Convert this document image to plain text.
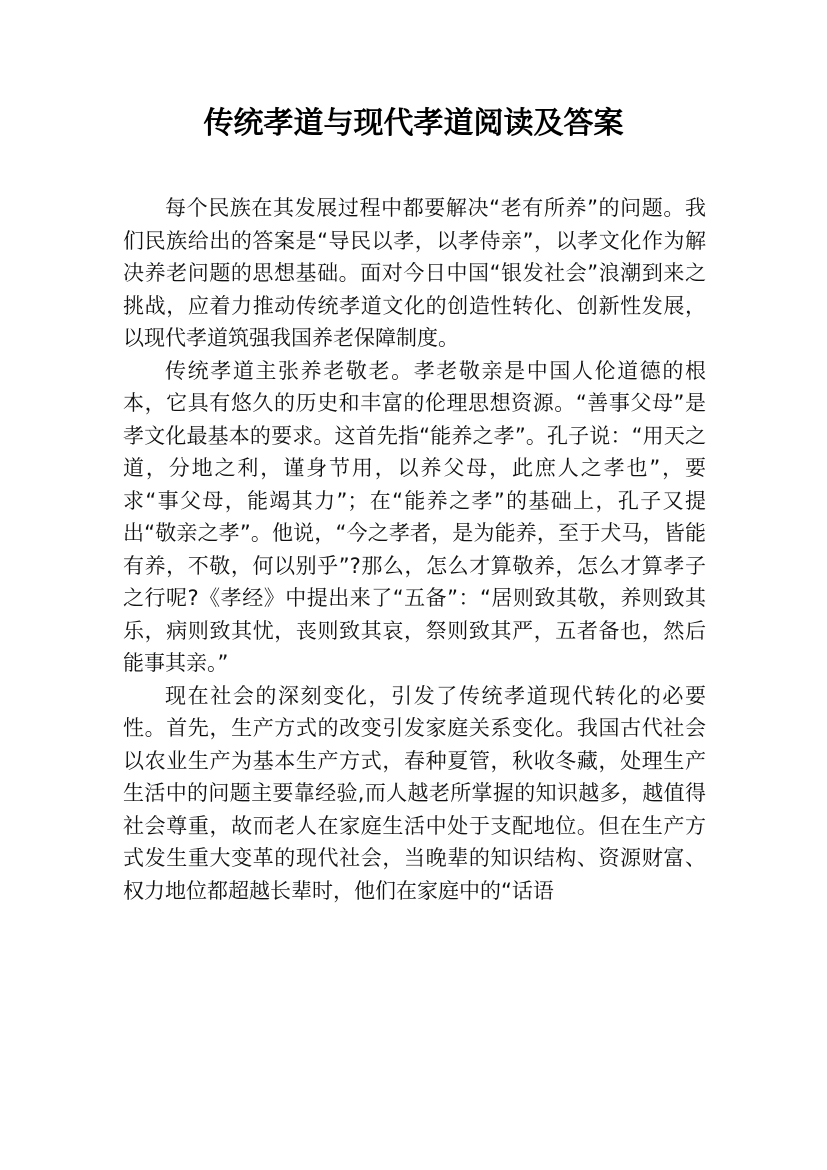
传统孝道与现代孝道阅读及答案

每个民族在其发展过程中都要解决“老有所养”的问题。我们民族给出的答案是“导民以孝，以孝侍亲”，以孝文化作为解决养老问题的思想基础。面对今日中国“银发社会”浪潮到来之挑战，应着力推动传统孝道文化的创造性转化、创新性发展，以现代孝道筑强我国养老保障制度。

传统孝道主张养老敬老。孝老敬亲是中国人伦道德的根本，它具有悠久的历史和丰富的伦理思想资源。“善事父母”是孝文化最基本的要求。这首先指“能养之孝”。孔子说：“用天之道，分地之利，谨身节用，以养父母，此庶人之孝也”，要求“事父母，能竭其力”；在“能养之孝”的基础上，孔子又提出“敬亲之孝”。他说，“今之孝者，是为能养，至于犬马，皆能有养，不敬，何以别乎”?那么，怎么才算敬养，怎么才算孝子之行呢?《孝经》中提出来了“五备”：“居则致其敬，养则致其乐，病则致其忧，丧则致其哀，祭则致其严，五者备也，然后能事其亲。”

现在社会的深刻变化，引发了传统孝道现代转化的必要性。首先，生产方式的改变引发家庭关系变化。我国古代社会以农业生产为基本生产方式，春种夏管，秋收冬藏，处理生产生活中的问题主要靠经验,而人越老所掌握的知识越多，越值得社会尊重，故而老人在家庭生活中处于支配地位。但在生产方式发生重大变革的现代社会，当晚辈的知识结构、资源财富、权力地位都超越长辈时，他们在家庭中的“话语
